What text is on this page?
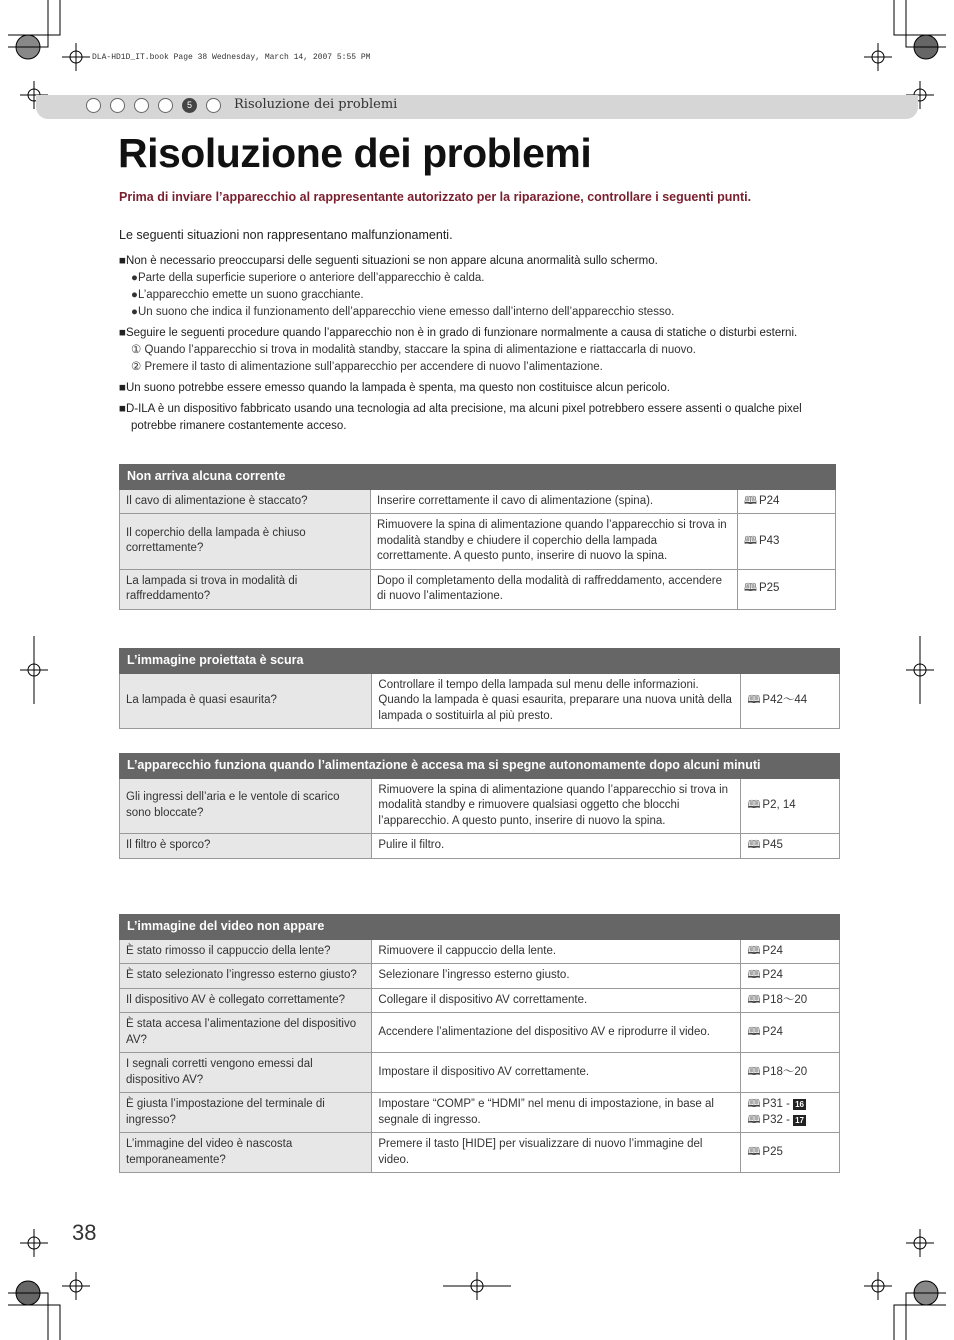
DLA-HD1D_IT.book Page 38 Wednesday, March 14, 2007 5:55 PM
5	Risoluzione dei problemi
Risoluzione dei problemi
Prima di inviare l’apparecchio al rappresentante autorizzato per la riparazione, controllare i seguenti punti.
Le seguenti situazioni non rappresentano malfunzionamenti.
■Non è necessario preoccuparsi delle seguenti situazioni se non appare alcuna anormalità sullo schermo.
●Parte della superficie superiore o anteriore dell’apparecchio è calda.
●L’apparecchio emette un suono gracchiante.
●Un suono che indica il funzionamento dell’apparecchio viene emesso dall’interno dell’apparecchio stesso.
■Seguire le seguenti procedure quando l’apparecchio non è in grado di funzionare normalmente a causa di statiche o disturbi esterni.
① Quando l’apparecchio si trova in modalità standby, staccare la spina di alimentazione e riattaccarla di nuovo.
② Premere il tasto di alimentazione sull’apparecchio per accendere di nuovo l’alimentazione.
■Un suono potrebbe essere emesso quando la lampada è spenta, ma questo non costituisce alcun pericolo.
■D-ILA è un dispositivo fabbricato usando una tecnologia ad alta precisione, ma alcuni pixel potrebbero essere assenti o qualche pixel potrebbe rimanere costantemente acceso.
Non arriva alcuna corrente		
Il cavo di alimentazione è staccato?	Inserire correttamente il cavo di alimentazione (spina).	🕮 P24

Il coperchio della lampada è chiuso correttamente?	Rimuovere la spina di alimentazione quando l’apparecchio si trova in modalità standby e chiudere il coperchio della lampada correttamente. A questo punto, inserire di nuovo la spina.	🕮 P43

La lampada si trova in modalità di raffreddamento?	Dopo il completamento della modalità di raffreddamento, accendere di nuovo l’alimentazione.	🕮 P25
L’immagine proiettata è scura
La lampada è quasi esaurita?	Controllare il tempo della lampada sul menu delle informazioni. Quando la lampada è quasi esaurita, preparare una nuova unità della lampada o sostituirla al più presto.	
🕮 P42～44
L’apparecchio funziona quando l’alimentazione è accesa ma si spegne autonomamente dopo alcuni minuti		
Gli ingressi dell’aria e le ventole di scarico sono bloccate?	Rimuovere la spina di alimentazione quando l’apparecchio si trova in modalità standby e rimuovere qualsiasi oggetto che blocchi l’apparecchio. A questo punto, inserire di nuovo la spina.	🕮 P2, 14

Il filtro è sporco?	Pulire il filtro.	🕮 P45
L’immagine del video non appare		
È stato rimosso il cappuccio della lente?	Rimuovere il cappuccio della lente.	🕮 P24

È stato selezionato l’ingresso esterno giusto?	Selezionare l’ingresso esterno giusto.	🕮 P24

Il dispositivo AV è collegato correttamente?	Collegare il dispositivo AV correttamente.	🕮 P18～20

È stata accesa l’alimentazione del dispositivo AV?	Accendere l’alimentazione del dispositivo AV e riprodurre il video.	🕮 P24

I segnali corretti vengono emessi dal dispositivo AV?	Impostare il dispositivo AV correttamente.	🕮 P18～20

È giusta l’impostazione del terminale di ingresso?	Impostare “COMP” e “HDMI” nel menu di impostazione, in base al segnale di ingresso.	🕮 P31 - 16
🕮 P32 - 17

L’immagine del video è nascosta temporaneamente?	Premere il tasto [HIDE] per visualizzare di nuovo l’immagine del video.	🕮 P25
38
